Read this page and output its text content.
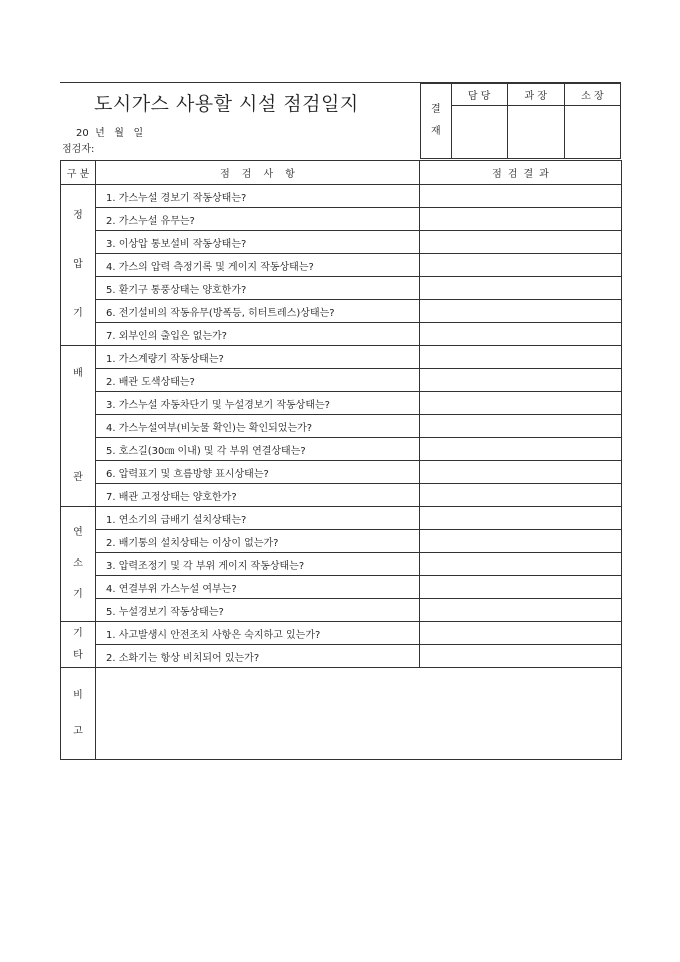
도시가스 사용할 시설 점검일지
20  년   월   일
점검자:
결
재	담 당	과 장	소 장

구 분	점 검 사 항	점 검 결 과

정
압
기	1. 가스누설 경보기 작동상태는?	
	2. 가스누설 유무는?	
	3. 이상압 통보설비 작동상태는?	
	4. 가스의 압력 측정기록 및 게이지 작동상태는?	
	5. 환기구 통풍상태는 양호한가?	
	6. 전기설비의 작동유무(방폭등, 히터트레스)상태는?	
	7. 외부인의 출입은 없는가?	

배
관	1. 가스계량기 작동상태는?	
	2. 배관 도색상태는?	
	3. 가스누설 자동차단기 및 누설경보기 작동상태는?	
	4. 가스누설여부(비눗물 확인)는 확인되었는가?	
	5. 호스길(30㎝ 이내) 및 각 부위 연결상태는?	
	6. 압력표기 및 흐름방향 표시상태는?	
	7. 배관 고정상태는 양호한가?	

연
소
기	1. 연소기의 급배기 설치상태는?	
	2. 배기통의 설치상태는 이상이 없는가?	
	3. 압력조정기 및 각 부위 게이지 작동상태는?	
	4. 연결부위 가스누설 여부는?	
	5. 누설경보기 작동상태는?	

기
타	1. 사고발생시 안전조치 사항은 숙지하고 있는가?	
	2. 소화기는 항상 비치되어 있는가?	

비
고		
